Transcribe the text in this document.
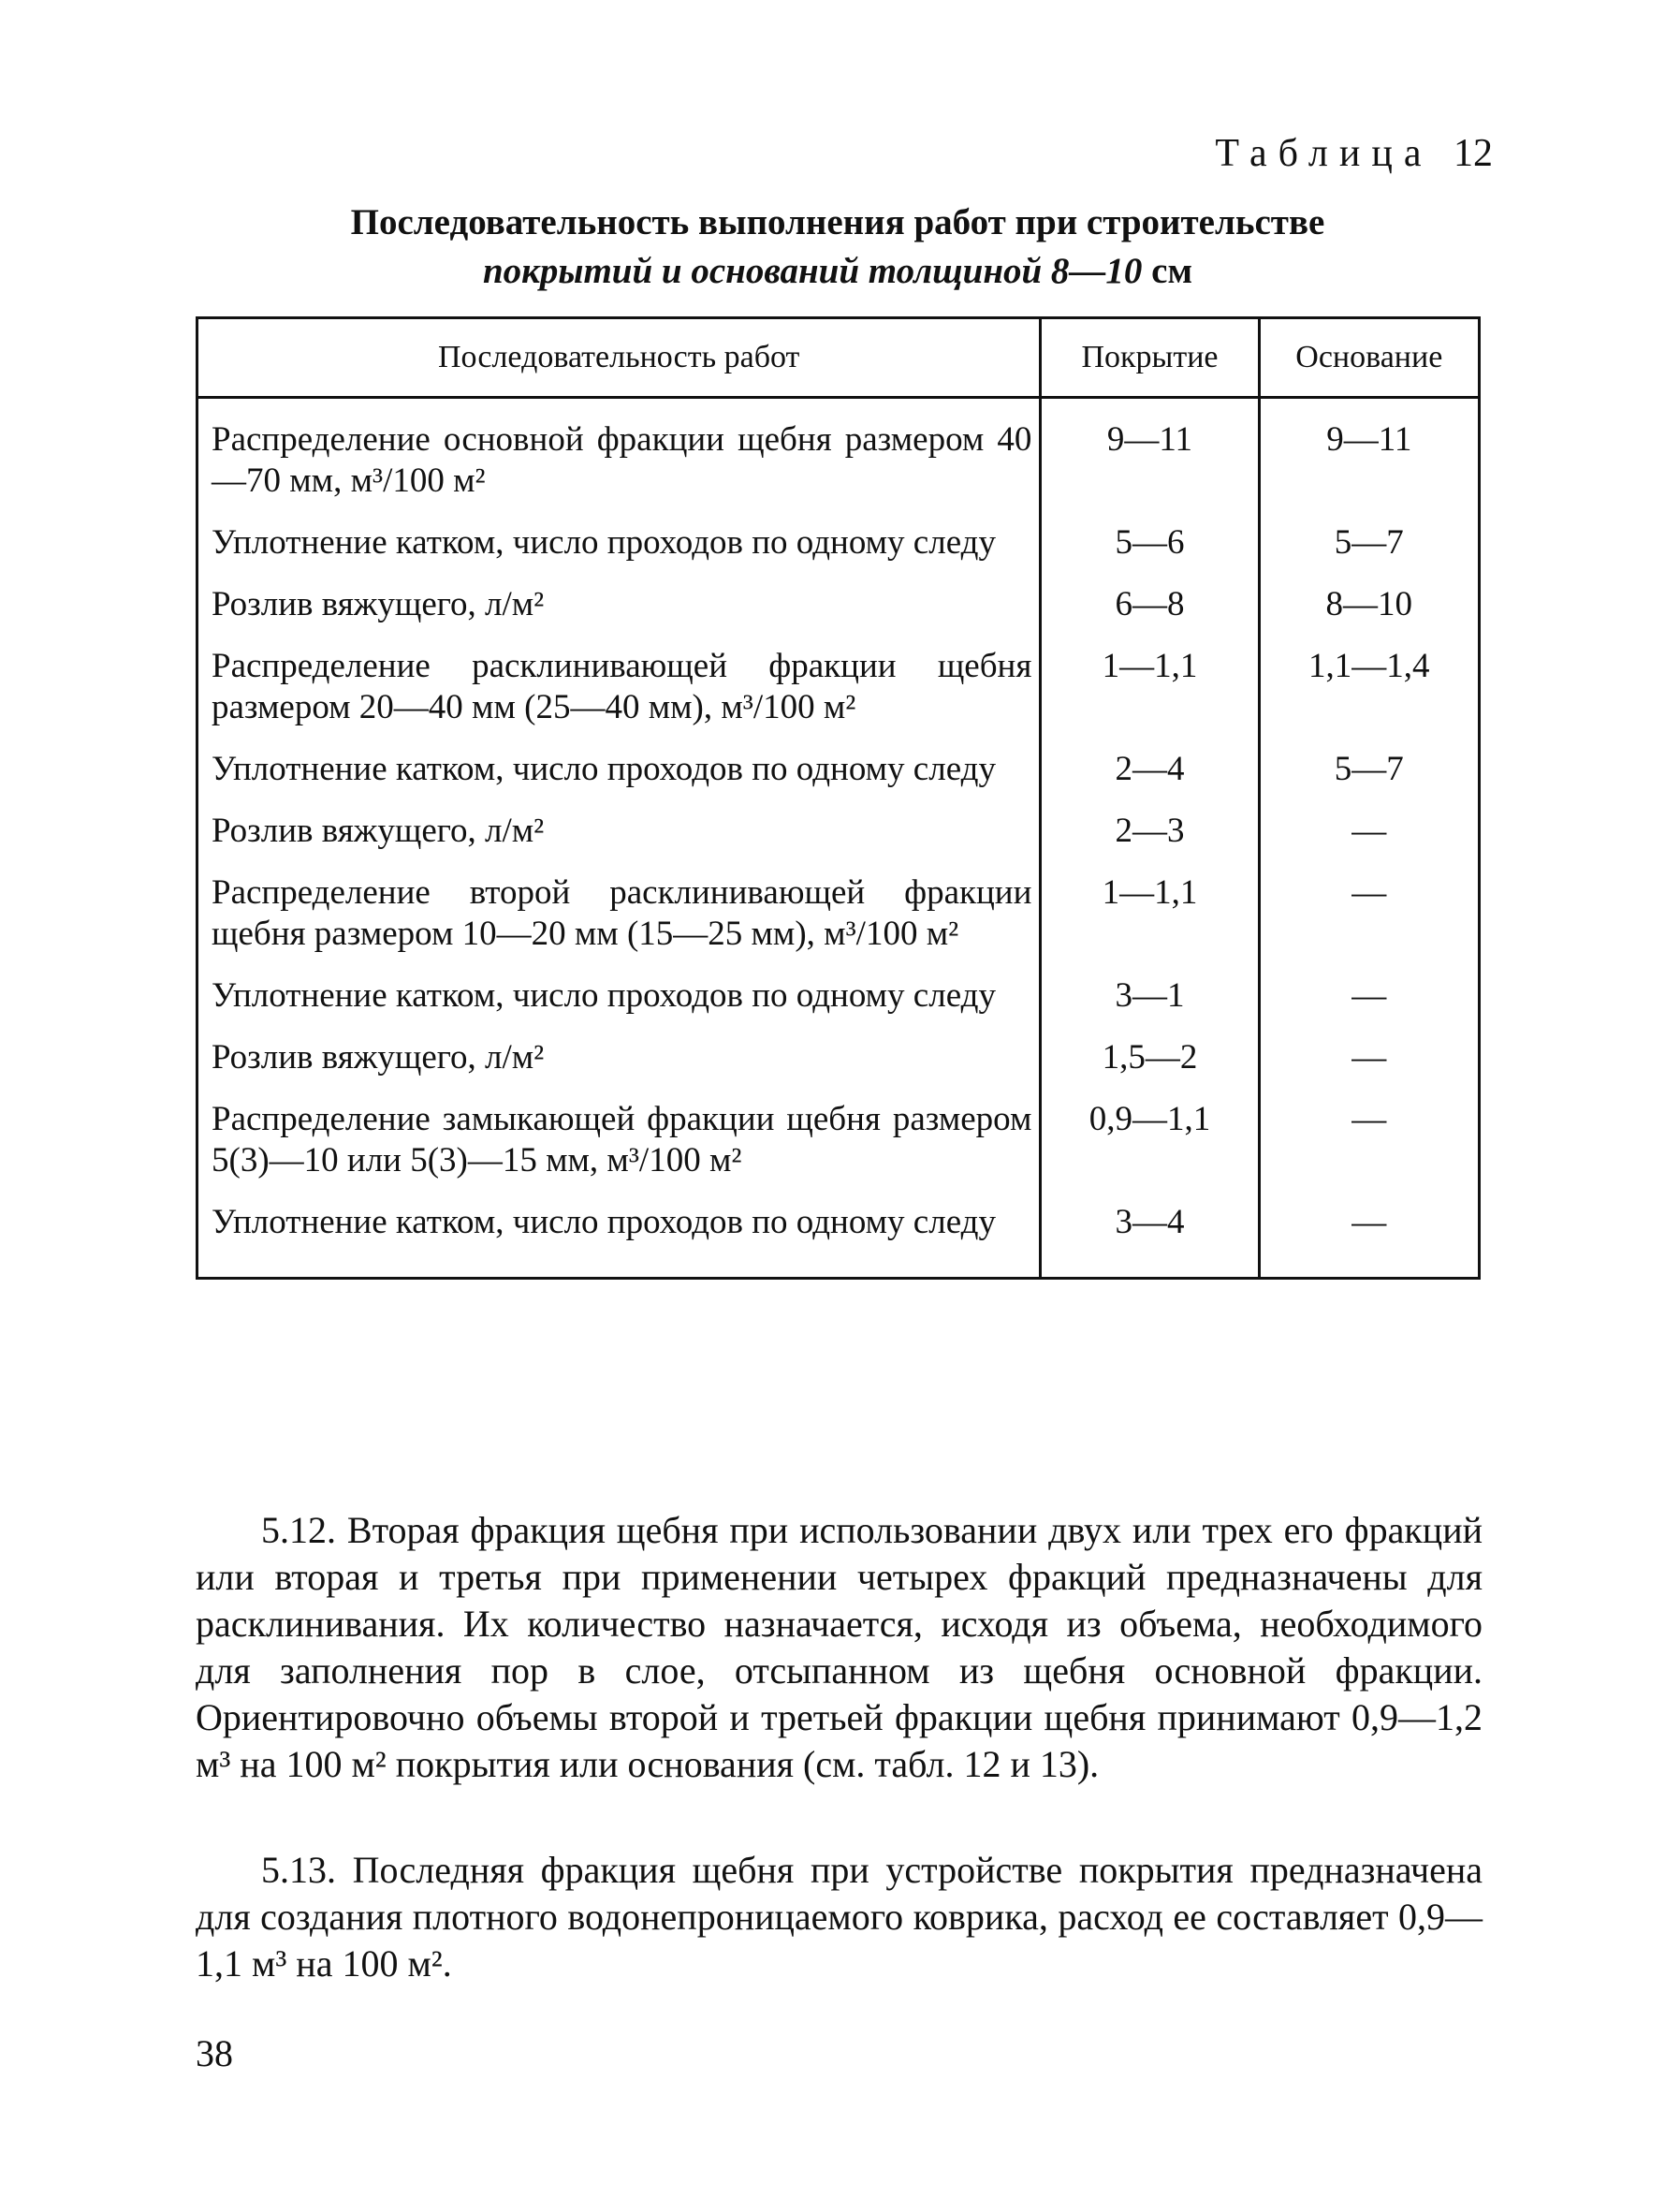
Таблица 12
Последовательность выполнения работ при строительстве
покрытий и оснований толщиной 8—10 см
Последовательность работ	Покрытие	Основание
Распределение основной фракции щебня размером 40—70 мм, м³/100 м²	9—11	9—11
Уплотнение катком, число проходов по одному следу	5—6	5—7
Розлив вяжущего, л/м²	6—8	8—10
Распределение расклинивающей фракции щебня размером 20—40 мм (25—40 мм), м³/100 м²	1—1,1	1,1—1,4
Уплотнение катком, число проходов по одному следу	2—4	5—7
Розлив вяжущего, л/м²	2—3	—
Распределение второй расклинивающей фракции щебня размером 10—20 мм (15—25 мм), м³/100 м²	1—1,1	—
Уплотнение катком, число проходов по одному следу	3—1	—
Розлив вяжущего, л/м²	1,5—2	—
Распределение замыкающей фракции щебня размером 5(3)—10 или 5(3)—15 мм, м³/100 м²	0,9—1,1	—
Уплотнение катком, число проходов по одному следу	3—4	—

5.12. Вторая фракция щебня при использовании двух или трех его фракций или вторая и третья при применении четырех фракций предназначены для расклинивания. Их количество назначается, исходя из объема, необходимого для заполнения пор в слое, отсыпанном из щебня основной фракции. Ориентировочно объемы второй и третьей фракции щебня принимают 0,9—1,2 м³ на 100 м² покрытия или основания (см. табл. 12 и 13).

5.13. Последняя фракция щебня при устройстве покрытия предназначена для создания плотного водонепроницаемого коврика, расход ее составляет 0,9—1,1 м³ на 100 м².

38
